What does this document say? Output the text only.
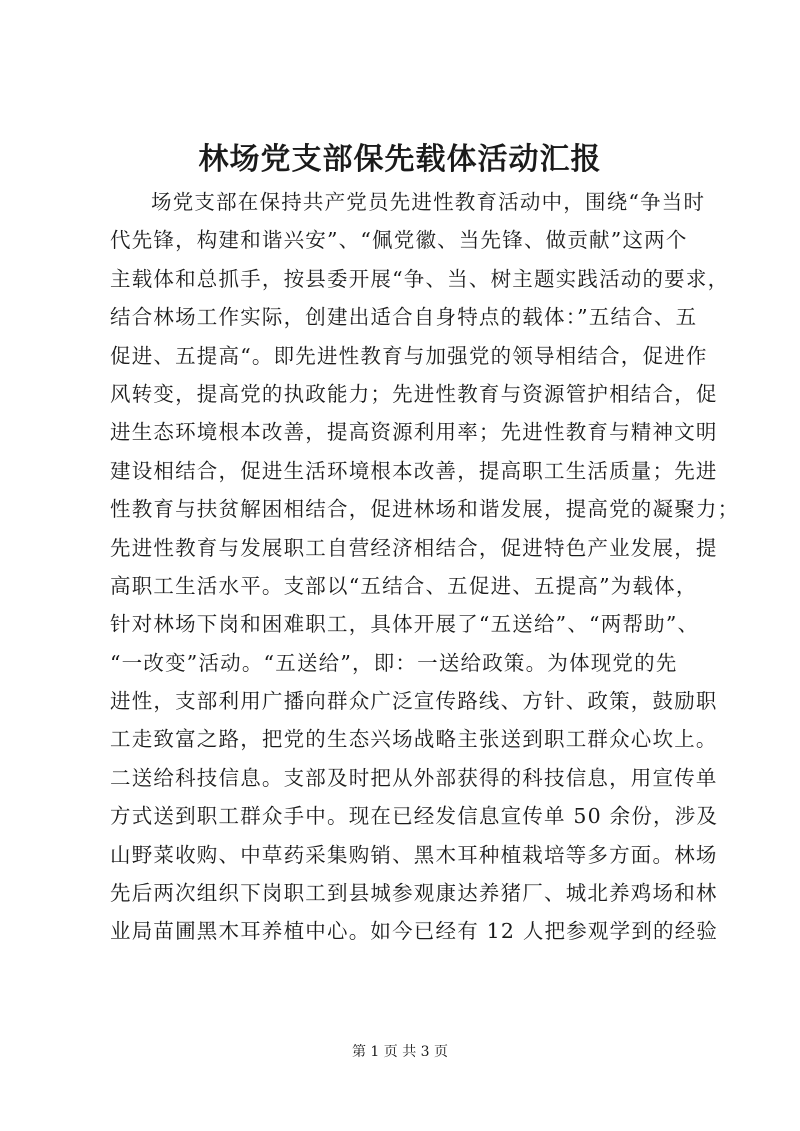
林场党支部保先载体活动汇报
场党支部在保持共产党员先进性教育活动中，围绕“争当时
代先锋，构建和谐兴安”、“佩党徽、当先锋、做贡献”这两个
主载体和总抓手，按县委开展“争、当、树主题实践活动的要求，
结合林场工作实际，创建出适合自身特点的载体：”五结合、五
促进、五提高“。即先进性教育与加强党的领导相结合，促进作
风转变，提高党的执政能力；先进性教育与资源管护相结合，促
进生态环境根本改善，提高资源利用率；先进性教育与精神文明
建设相结合，促进生活环境根本改善，提高职工生活质量；先进
性教育与扶贫解困相结合，促进林场和谐发展，提高党的凝聚力；
先进性教育与发展职工自营经济相结合，促进特色产业发展，提
高职工生活水平。支部以“五结合、五促进、五提高”为载体，
针对林场下岗和困难职工，具体开展了“五送给”、“两帮助”、
“一改变”活动。“五送给”，即：一送给政策。为体现党的先
进性，支部利用广播向群众广泛宣传路线、方针、政策，鼓励职
工走致富之路，把党的生态兴场战略主张送到职工群众心坎上。
二送给科技信息。支部及时把从外部获得的科技信息，用宣传单
方式送到职工群众手中。现在已经发信息宣传单 50 余份，涉及
山野菜收购、中草药采集购销、黑木耳种植栽培等多方面。林场
先后两次组织下岗职工到县城参观康达养猪厂、城北养鸡场和林
业局苗圃黑木耳养植中心。如今已经有 12 人把参观学到的经验
第 1 页 共 3 页
